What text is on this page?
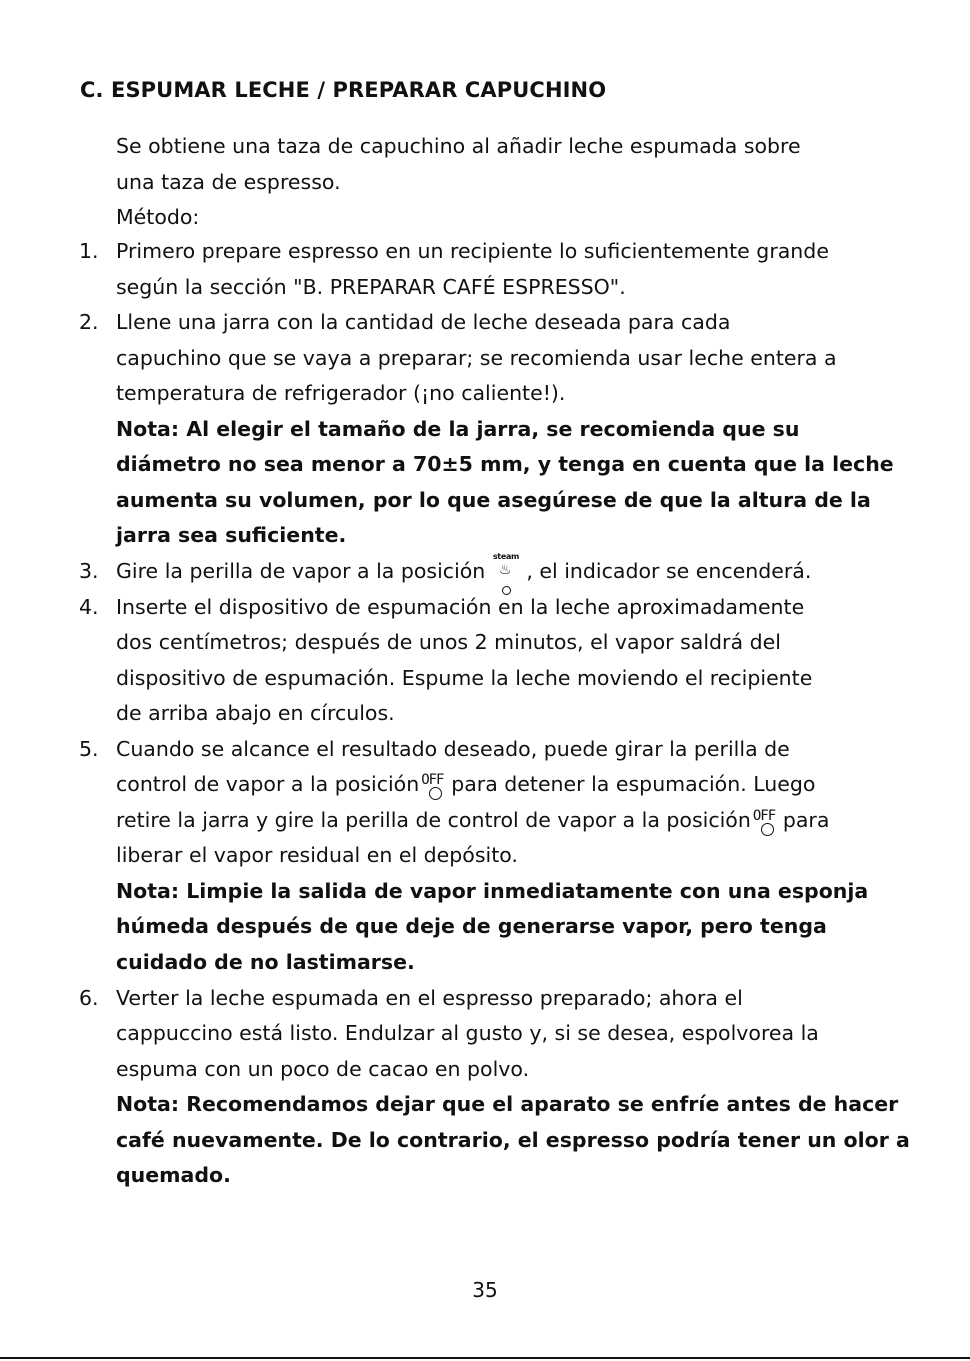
C. ESPUMAR LECHE / PREPARAR CAPUCHINO
Se obtiene una taza de capuchino al añadir leche espumada sobre
una taza de espresso.
Método:
1. Primero prepare espresso en un recipiente lo suficientemente grande
según la sección "B. PREPARAR CAFÉ ESPRESSO".
2. Llene una jarra con la cantidad de leche deseada para cada
capuchino que se vaya a preparar; se recomienda usar leche entera a
temperatura de refrigerador (¡no caliente!).
Nota: Al elegir el tamaño de la jarra, se recomienda que su
diámetro no sea menor a 70±5 mm, y tenga en cuenta que la leche
aumenta su volumen, por lo que asegúrese de que la altura de la
jarra sea suficiente.
3. Gire la perilla de vapor a la posición
steam
♨ , el indicador se encenderá.
4. Inserte el dispositivo de espumación en la leche aproximadamente
dos centímetros; después de unos 2 minutos, el vapor saldrá del
dispositivo de espumación. Espume la leche moviendo el recipiente
de arriba abajo en círculos.
5. Cuando se alcance el resultado deseado, puede girar la perilla de
control de vapor a la posición OFF para detener la espumación. Luego
retire la jarra y gire la perilla de control de vapor a la posición OFF para
liberar el vapor residual en el depósito.
Nota: Limpie la salida de vapor inmediatamente con una esponja
húmeda después de que deje de generarse vapor, pero tenga
cuidado de no lastimarse.
6. Verter la leche espumada en el espresso preparado; ahora el
cappuccino está listo. Endulzar al gusto y, si se desea, espolvorea la
espuma con un poco de cacao en polvo.
Nota: Recomendamos dejar que el aparato se enfríe antes de hacer
café nuevamente. De lo contrario, el espresso podría tener un olor a
quemado.
35
